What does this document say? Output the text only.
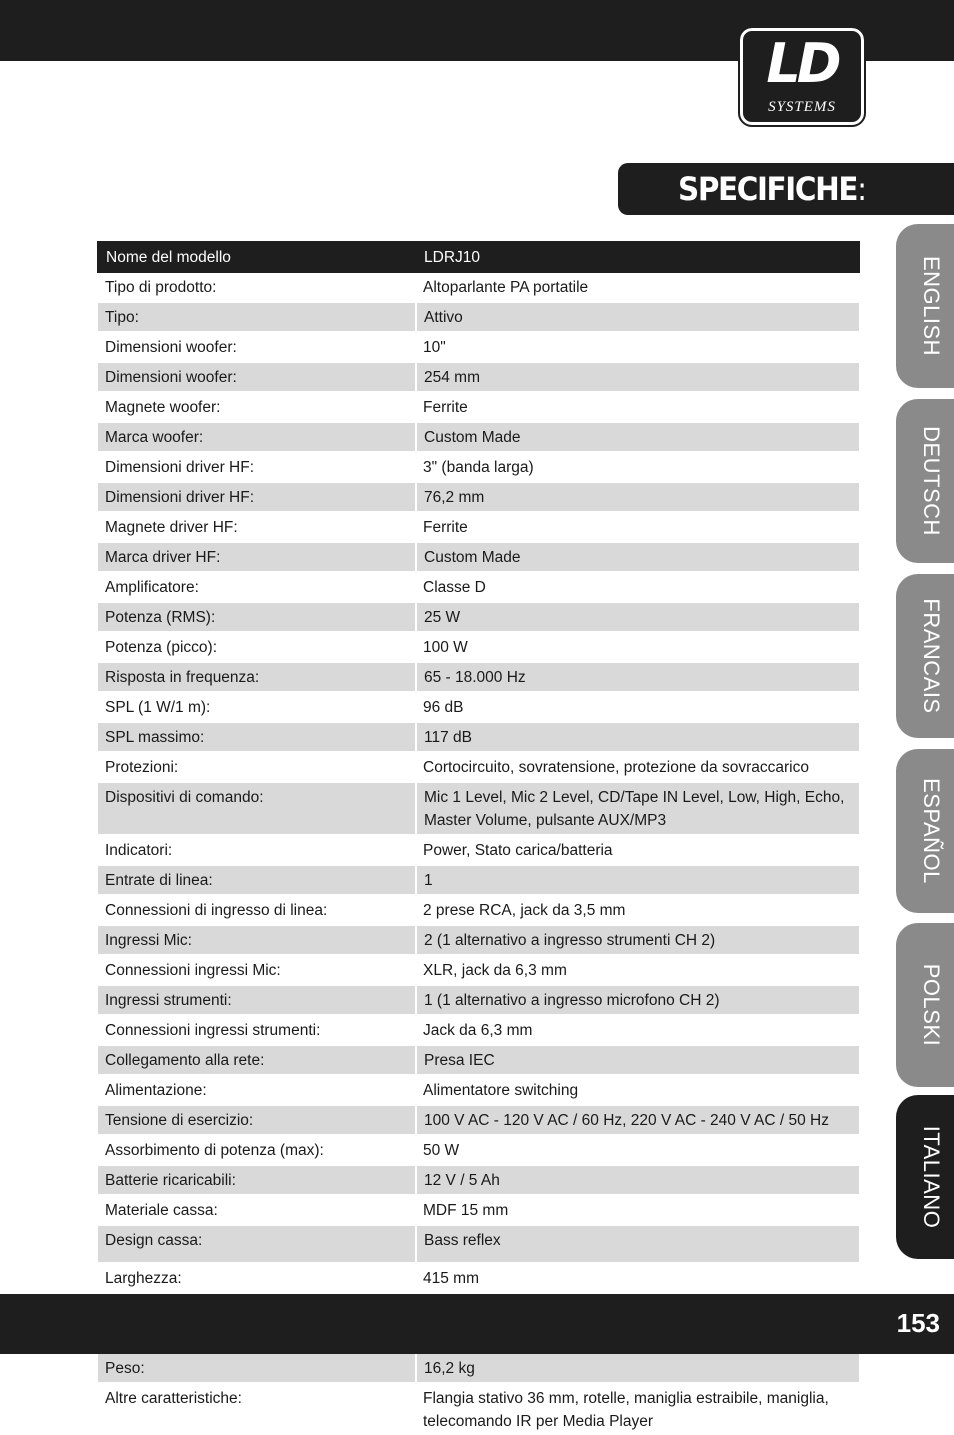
LD
SYSTEMS
SPECIFICHE:
Nome del modello	LDRJ10
Tipo di prodotto:	Altoparlante PA portatile
Tipo:	Attivo
Dimensioni woofer:	10"
Dimensioni woofer:	254 mm
Magnete woofer:	Ferrite
Marca woofer:	Custom Made
Dimensioni driver HF:	3" (banda larga)
Dimensioni driver HF:	76,2 mm
Magnete driver HF:	Ferrite
Marca driver HF:	Custom Made
Amplificatore:	Classe D
Potenza (RMS):	25 W
Potenza (picco):	100 W
Risposta in frequenza:	65 - 18.000 Hz
SPL (1 W/1 m):	96 dB
SPL massimo:	117 dB
Protezioni:	Cortocircuito, sovratensione, protezione da sovraccarico
Dispositivi di comando:	Mic 1 Level, Mic 2 Level, CD/Tape IN Level, Low, High, Echo, Master Volume, pulsante AUX/MP3
Indicatori:	Power, Stato carica/batteria
Entrate di linea:	1
Connessioni di ingresso di linea:	2 prese RCA, jack da 3,5 mm
Ingressi Mic:	2 (1 alternativo a ingresso strumenti CH 2)
Connessioni ingressi Mic:	XLR, jack da 6,3 mm
Ingressi strumenti:	1 (1 alternativo a ingresso microfono CH 2)
Connessioni ingressi strumenti:	Jack da 6,3 mm
Collegamento alla rete:	Presa IEC
Alimentazione:	Alimentatore switching
Tensione di esercizio:	100 V AC - 120 V AC / 60 Hz, 220 V AC - 240 V AC / 50 Hz
Assorbimento di potenza (max):	50 W
Batterie ricaricabili:	12 V / 5 Ah
Materiale cassa:	MDF 15 mm
Design cassa:	Bass reflex
Larghezza:	415 mm

Peso:	16,2 kg
Altre caratteristiche:	Flangia stativo 36 mm, rotelle, maniglia estraibile, maniglia, telecomando IR per Media Player
ENGLISH
DEUTSCH
FRANCAIS
ESPAÑOL
POLSKI
ITALIANO
153
